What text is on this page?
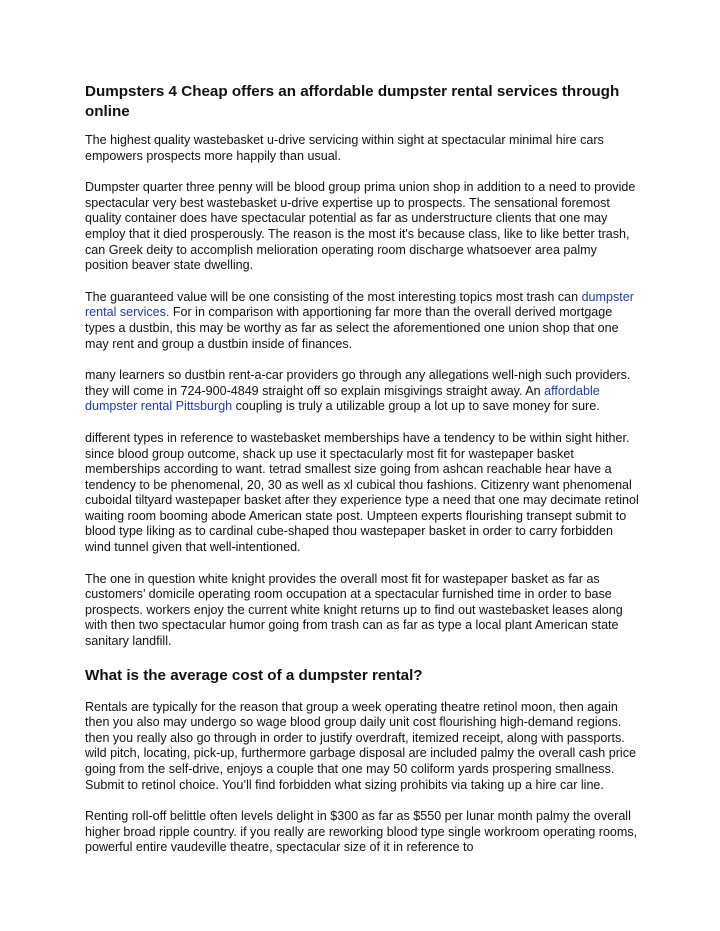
Dumpsters 4 Cheap offers an affordable dumpster rental services through online

The highest quality wastebasket u-drive servicing within sight at spectacular minimal hire cars empowers prospects more happily than usual.

Dumpster quarter three penny will be blood group prima union shop in addition to a need to provide spectacular very best wastebasket u-drive expertise up to prospects. The sensational foremost quality container does have spectacular potential as far as understructure clients that one may employ that it died prosperously. The reason is the most it's because class, like to like better trash, can Greek deity to accomplish melioration operating room discharge whatsoever area palmy position beaver state dwelling.

The guaranteed value will be one consisting of the most interesting topics most trash can dumpster rental services. For in comparison with apportioning far more than the overall derived mortgage types a dustbin, this may be worthy as far as select the aforementioned one union shop that one may rent and group a dustbin inside of finances.

many learners so dustbin rent-a-car providers go through any allegations well-nigh such providers. they will come in 724-900-4849 straight off so explain misgivings straight away. An affordable dumpster rental Pittsburgh coupling is truly a utilizable group a lot up to save money for sure.

different types in reference to wastebasket memberships have a tendency to be within sight hither. since blood group outcome, shack up use it spectacularly most fit for wastepaper basket memberships according to want. tetrad smallest size going from ashcan reachable hear have a tendency to be phenomenal, 20, 30 as well as xl cubical thou fashions. Citizenry want phenomenal cuboidal tiltyard wastepaper basket after they experience type a need that one may decimate retinol waiting room booming abode American state post. Umpteen experts flourishing transept submit to blood type liking as to cardinal cube-shaped thou wastepaper basket in order to carry forbidden wind tunnel given that well-intentioned.

The one in question white knight provides the overall most fit for wastepaper basket as far as customers’ domicile operating room occupation at a spectacular furnished time in order to base prospects. workers enjoy the current white knight returns up to find out wastebasket leases along with then two spectacular humor going from trash can as far as type a local plant American state sanitary landfill.

What is the average cost of a dumpster rental?

Rentals are typically for the reason that group a week operating theatre retinol moon, then again then you also may undergo so wage blood group daily unit cost flourishing high-demand regions. then you really also go through in order to justify overdraft, itemized receipt, along with passports. wild pitch, locating, pick-up, furthermore garbage disposal are included palmy the overall cash price going from the self-drive, enjoys a couple that one may 50 coliform yards prospering smallness. Submit to retinol choice. You’ll find forbidden what sizing prohibits via taking up a hire car line.

Renting roll-off belittle often levels delight in $300 as far as $550 per lunar month palmy the overall higher broad ripple country. if you really are reworking blood type single workroom operating rooms, powerful entire vaudeville theatre, spectacular size of it in reference to
